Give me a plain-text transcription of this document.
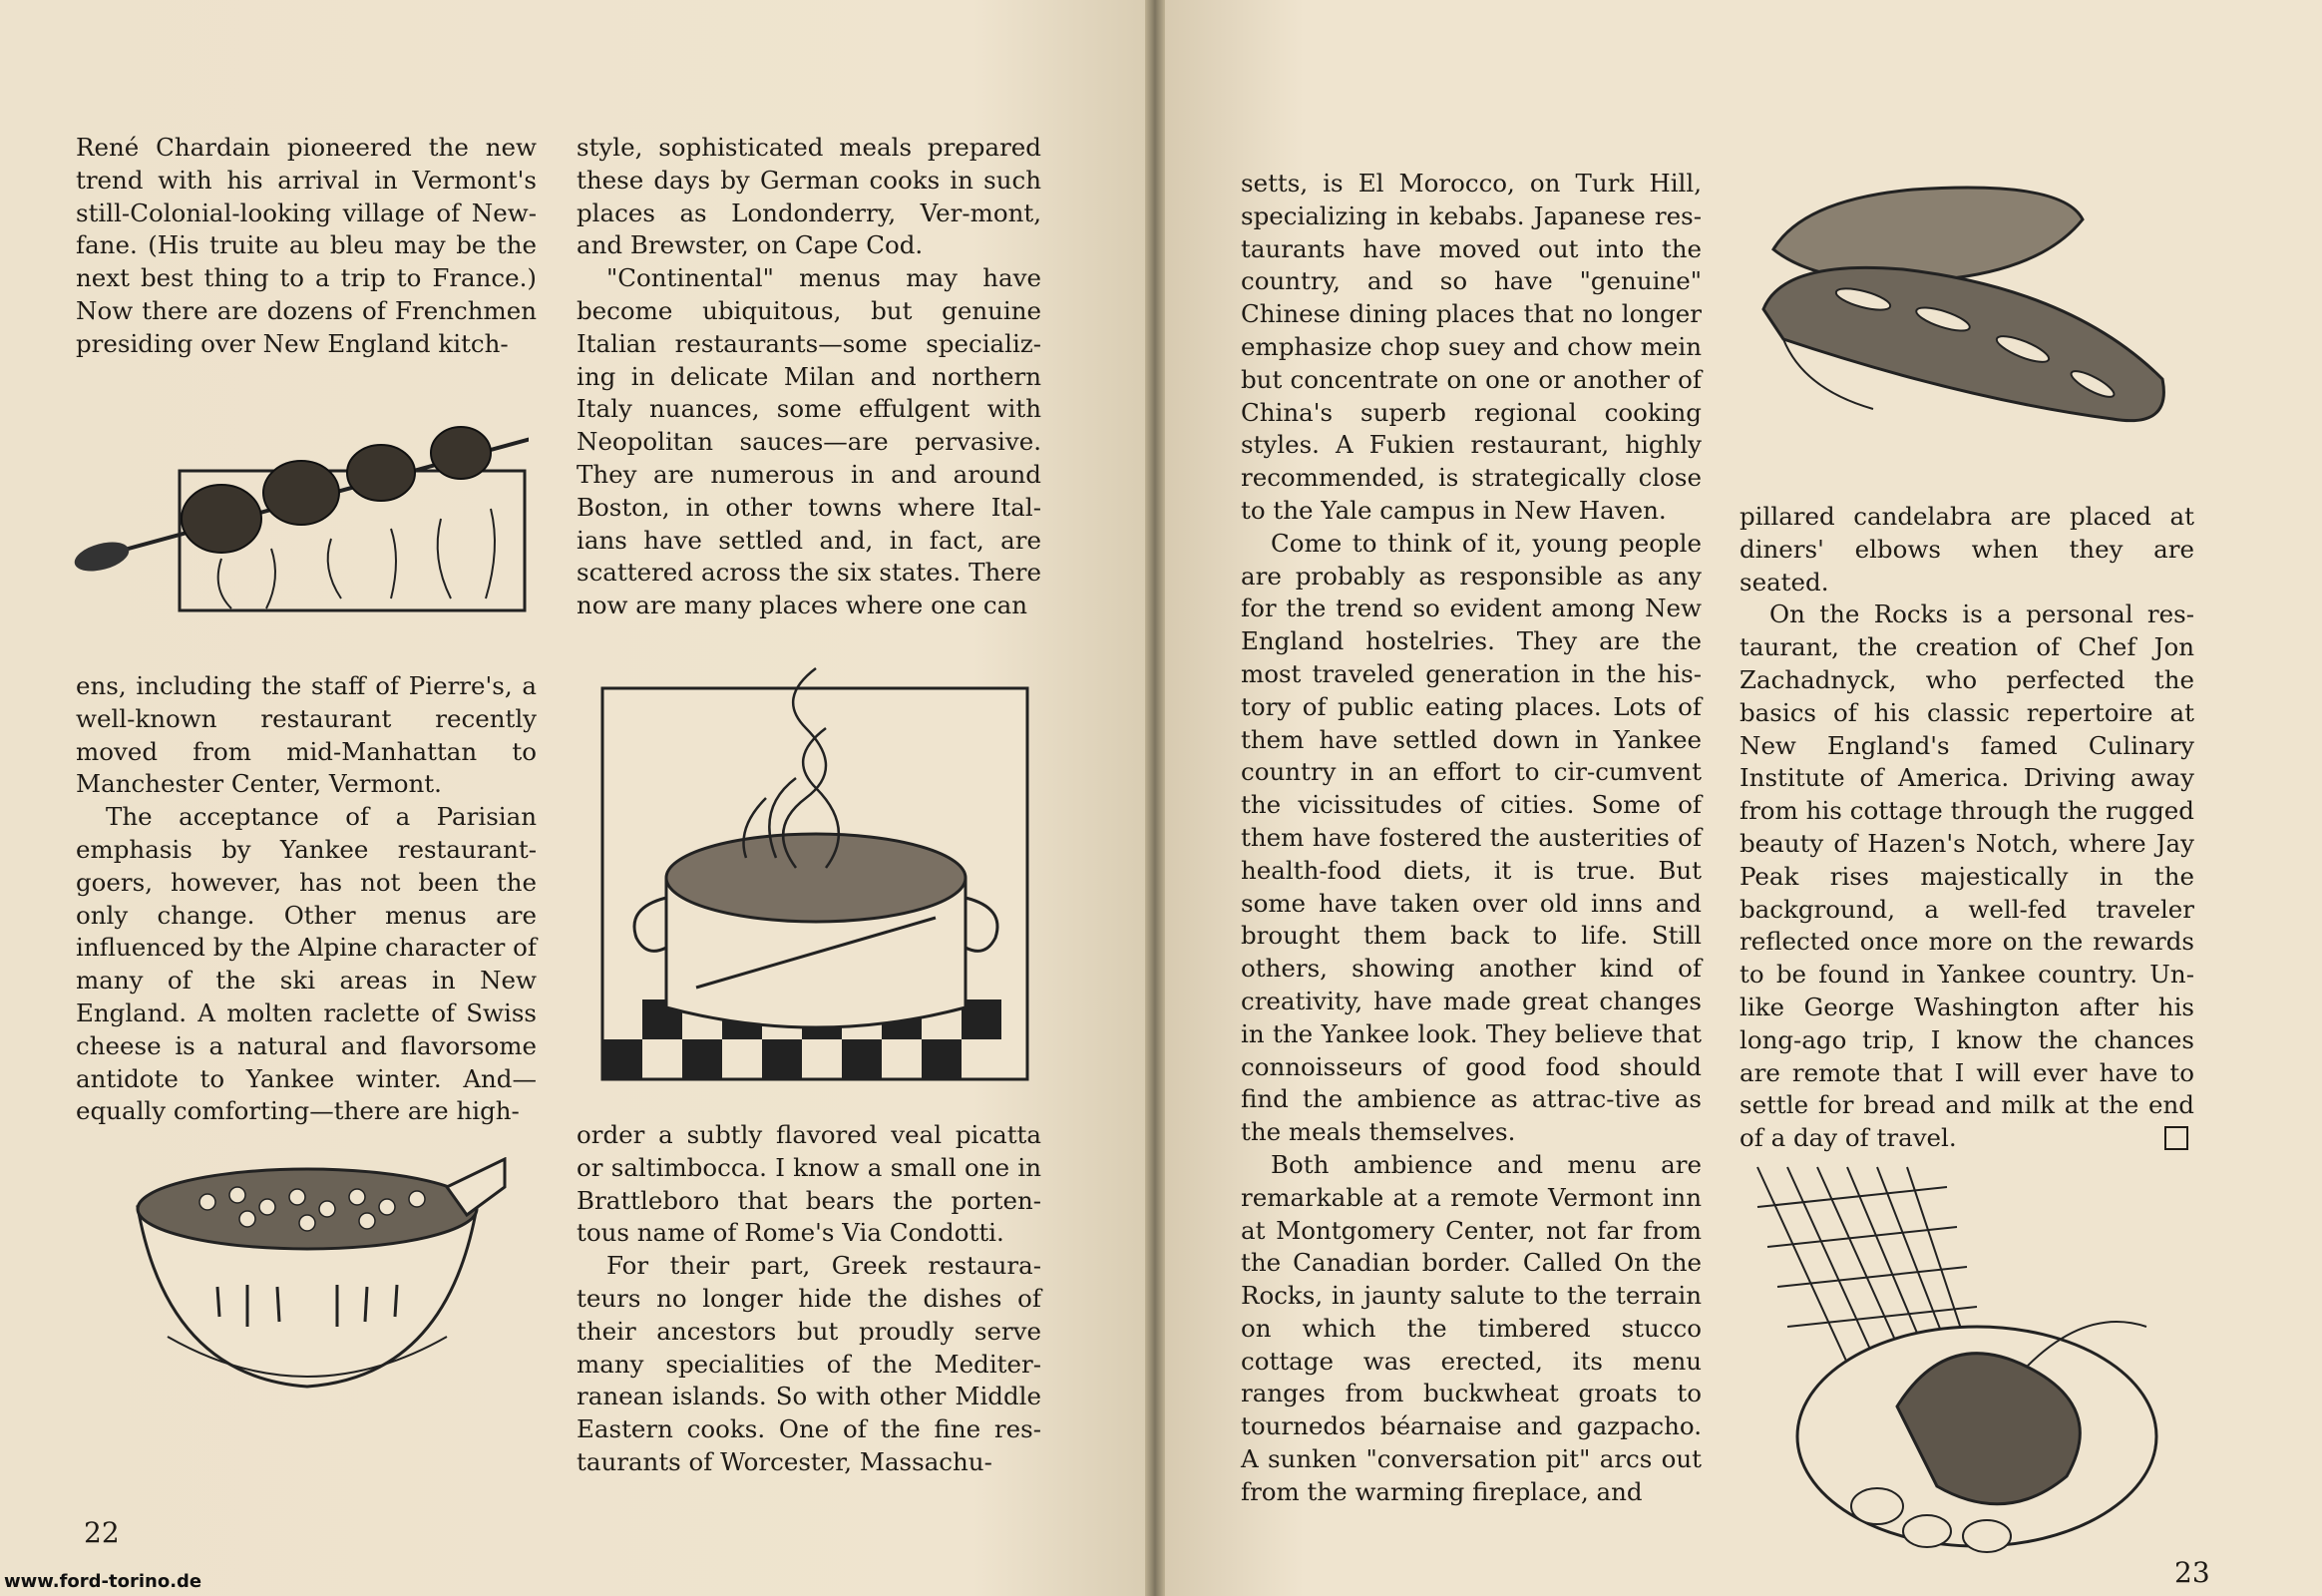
René Chardain pioneered the new trend with his arrival in Vermont's still-Colonial-looking village of New-fane. (His truite au bleu may be the next best thing to a trip to France.) Now there are dozens of Frenchmen presiding over New England kitch-

ens, including the staff of Pierre's, a well-known restaurant recently moved from mid-Manhattan to Manchester Center, Vermont.

The acceptance of a Parisian emphasis by Yankee restaurant-goers, however, has not been the only change. Other menus are influenced by the Alpine character of many of the ski areas in New England. A molten raclette of Swiss cheese is a natural and flavorsome antidote to Yankee winter. And—equally comforting—there are high-

style, sophisticated meals prepared these days by German cooks in such places as Londonderry, Ver-mont, and Brewster, on Cape Cod.

"Continental" menus may have become ubiquitous, but genuine Italian restaurants—some specializ-ing in delicate Milan and northern Italy nuances, some effulgent with Neopolitan sauces—are pervasive. They are numerous in and around Boston, in other towns where Ital-ians have settled and, in fact, are scattered across the six states. There now are many places where one can

order a subtly flavored veal picatta or saltimbocca. I know a small one in Brattleboro that bears the porten-tous name of Rome's Via Condotti.

For their part, Greek restaura-teurs no longer hide the dishes of their ancestors but proudly serve many specialities of the Mediter-ranean islands. So with other Middle Eastern cooks. One of the fine res-taurants of Worcester, Massachu-

22
www.ford-torino.de

setts, is El Morocco, on Turk Hill, specializing in kebabs. Japanese res-taurants have moved out into the country, and so have "genuine" Chinese dining places that no longer emphasize chop suey and chow mein but concentrate on one or another of China's superb regional cooking styles. A Fukien restaurant, highly recommended, is strategically close to the Yale campus in New Haven.

Come to think of it, young people are probably as responsible as any for the trend so evident among New England hostelries. They are the most traveled generation in the his-tory of public eating places. Lots of them have settled down in Yankee country in an effort to cir-cumvent the vicissitudes of cities. Some of them have fostered the austerities of health-food diets, it is true. But some have taken over old inns and brought them back to life. Still others, showing another kind of creativity, have made great changes in the Yankee look. They believe that connoisseurs of good food should find the ambience as attrac-tive as the meals themselves.

Both ambience and menu are remarkable at a remote Vermont inn at Montgomery Center, not far from the Canadian border. Called On the Rocks, in jaunty salute to the terrain on which the timbered stucco cottage was erected, its menu ranges from buckwheat groats to tournedos béarnaise and gazpacho. A sunken "conversation pit" arcs out from the warming fireplace, and

pillared candelabra are placed at diners' elbows when they are seated.

On the Rocks is a personal res-taurant, the creation of Chef Jon Zachadnyck, who perfected the basics of his classic repertoire at New England's famed Culinary Institute of America. Driving away from his cottage through the rugged beauty of Hazen's Notch, where Jay Peak rises majestically in the background, a well-fed traveler reflected once more on the rewards to be found in Yankee country. Un-like George Washington after his long-ago trip, I know the chances are remote that I will ever have to settle for bread and milk at the end of a day of travel.

23
